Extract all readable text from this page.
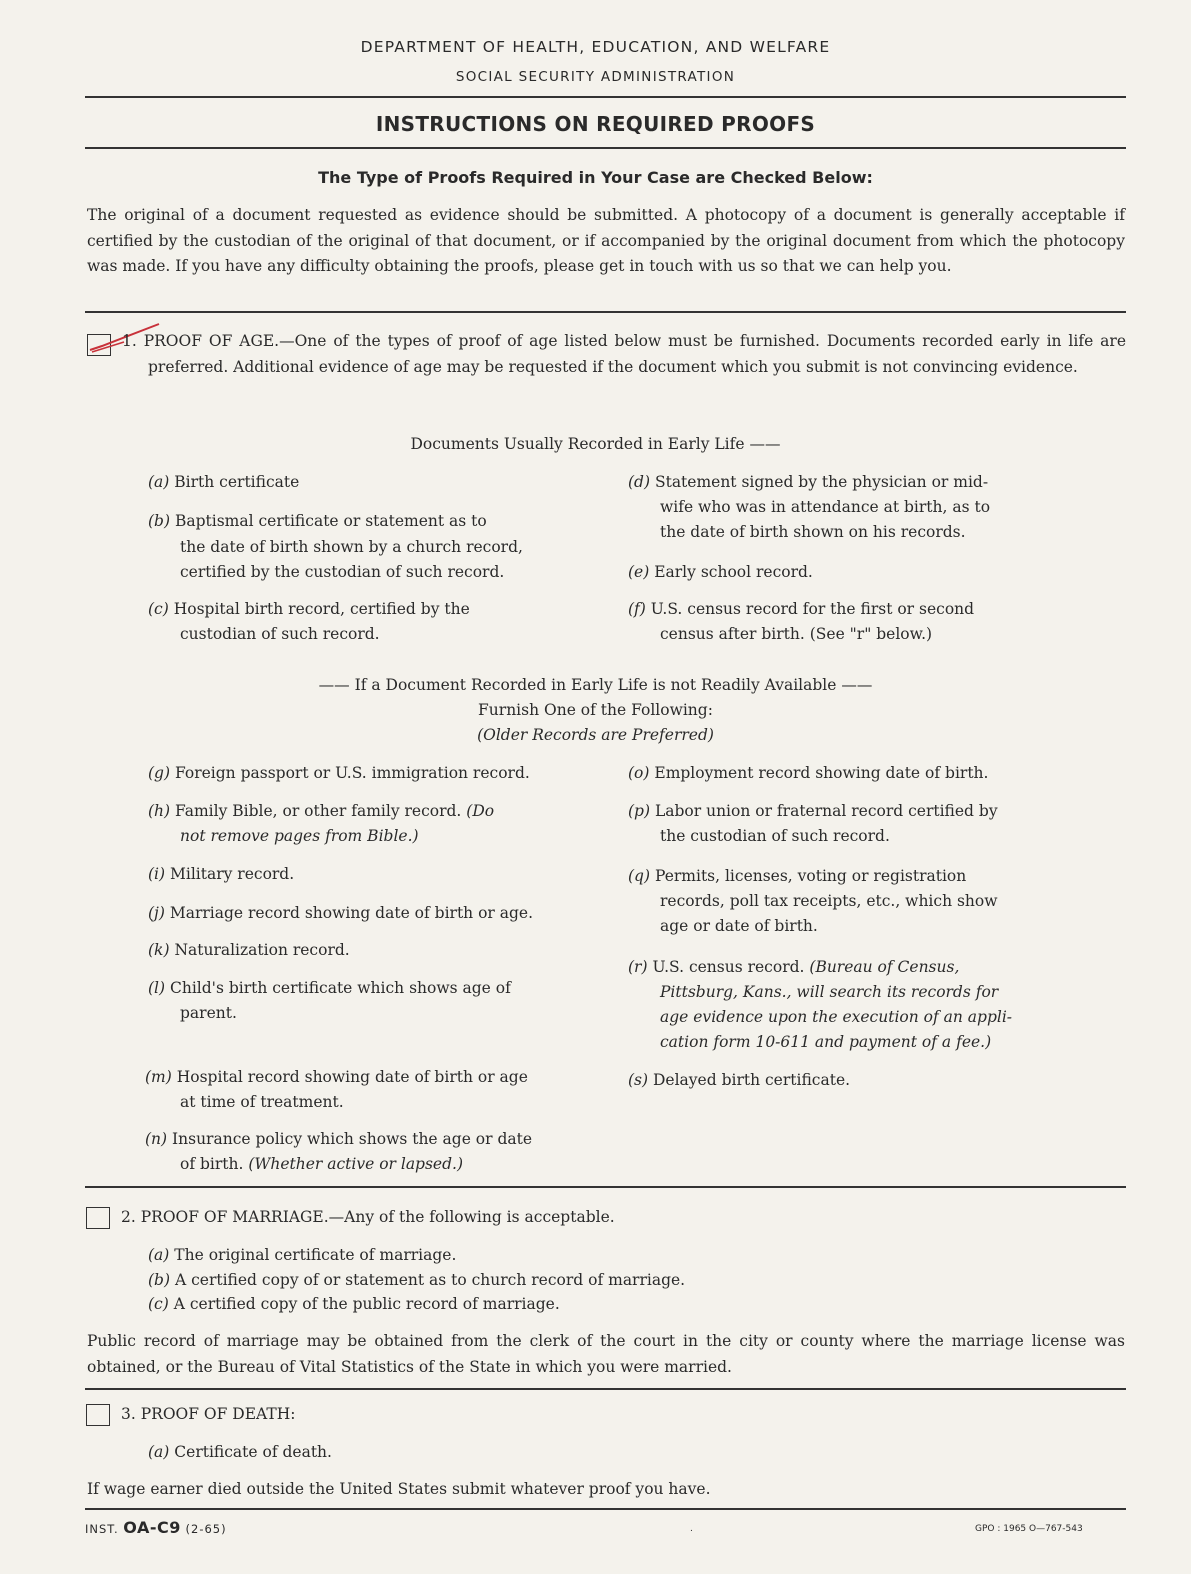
DEPARTMENT OF HEALTH, EDUCATION, AND WELFARE
SOCIAL SECURITY ADMINISTRATION
INSTRUCTIONS ON REQUIRED PROOFS
The Type of Proofs Required in Your Case are Checked Below:
The original of a document requested as evidence should be submitted. A photocopy of a document is generally acceptable if certified by the custodian of the original of that document, or if accompanied by the original document from which the photocopy was made. If you have any difficulty obtaining the proofs, please get in touch with us so that we can help you.
1. PROOF OF AGE.—One of the types of proof of age listed below must be furnished. Documents recorded early in life are preferred. Additional evidence of age may be requested if the document which you submit is not convincing evidence.
Documents Usually Recorded in Early Life ——
(a) Birth certificate
(b) Baptismal certificate or statement as to
the date of birth shown by a church record,
certified by the custodian of such record.
(c) Hospital birth record, certified by the
custodian of such record.
(d) Statement signed by the physician or mid-
wife who was in attendance at birth, as to
the date of birth shown on his records.
(e) Early school record.
(f) U.S. census record for the first or second
census after birth. (See "r" below.)
—— If a Document Recorded in Early Life is not Readily Available ——
Furnish One of the Following:
(Older Records are Preferred)
(g) Foreign passport or U.S. immigration record.
(h) Family Bible, or other family record. (Do
not remove pages from Bible.)
(i) Military record.
(j) Marriage record showing date of birth or age.
(k) Naturalization record.
(l) Child's birth certificate which shows age of
parent.
(m) Hospital record showing date of birth or age
at time of treatment.
(n) Insurance policy which shows the age or date
of birth. (Whether active or lapsed.)
(o) Employment record showing date of birth.
(p) Labor union or fraternal record certified by
the custodian of such record.
(q) Permits, licenses, voting or registration
records, poll tax receipts, etc., which show
age or date of birth.
(r) U.S. census record. (Bureau of Census,
Pittsburg, Kans., will search its records for
age evidence upon the execution of an appli-
cation form 10-611 and payment of a fee.)
(s) Delayed birth certificate.
2. PROOF OF MARRIAGE.—Any of the following is acceptable.
(a) The original certificate of marriage.
(b) A certified copy of or statement as to church record of marriage.
(c) A certified copy of the public record of marriage.
Public record of marriage may be obtained from the clerk of the court in the city or county where the marriage license was obtained, or the Bureau of Vital Statistics of the State in which you were married.
3. PROOF OF DEATH:
(a) Certificate of death.
If wage earner died outside the United States submit whatever proof you have.
INST. OA-C9 (2-65)	.	GPO : 1965 O—767-543
